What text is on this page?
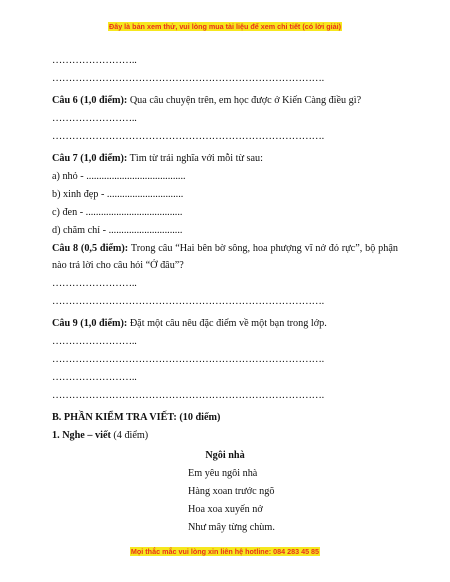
Đây là bản xem thử, vui lòng mua tài liệu để xem chi tiết (có lời giải)
……………………..
……………………………………………………………………….
Câu 6 (1,0 điểm): Qua câu chuyện trên, em học được ở Kiến Càng điều gì?
……………………..
……………………………………………………………………….
Câu 7 (1,0 điểm): Tìm từ trái nghĩa với mỗi từ sau:
a) nhỏ - .......................................
b) xinh đẹp - ..............................
c) đen - ......................................
d) chăm chỉ - .............................
Câu 8 (0,5 điểm): Trong câu “Hai bên bờ sông, hoa phượng vĩ nở đỏ rực”, bộ phận nào trả lời cho câu hỏi “Ở đâu”?
……………………..
……………………………………………………………………….
Câu 9 (1,0 điểm): Đặt một câu nêu đặc điểm về một bạn trong lớp.
……………………..
……………………………………………………………………….
……………………..
……………………………………………………………………….
B. PHẦN KIỂM TRA VIẾT: (10 điểm)
1. Nghe – viết (4 điểm)
Ngôi nhà
Em yêu ngôi nhà
Hàng xoan trước ngõ
Hoa xoa xuyến nở
Như mây từng chùm.
Mọi thắc mắc vui lòng xin liên hệ hotline: 084 283 45 85
